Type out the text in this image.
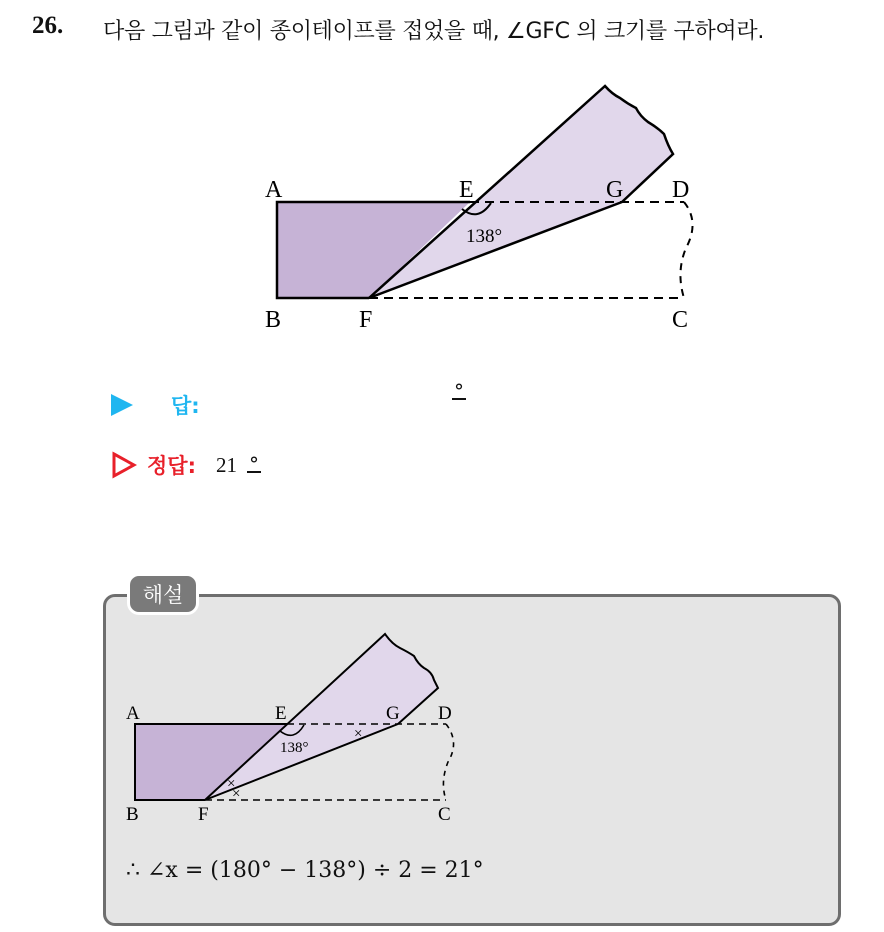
26. 다음 그림과 같이 종이테이프를 접었을 때, ∠GFC 의 크기를 구하여라.
A
B
E
F
G D
C
138°
답:
°
정답: 21 °
해설
A
B
E
F
G D
C
138°
×
×
×
∴ ∠x = (180° − 138°) ÷ 2 = 21°
